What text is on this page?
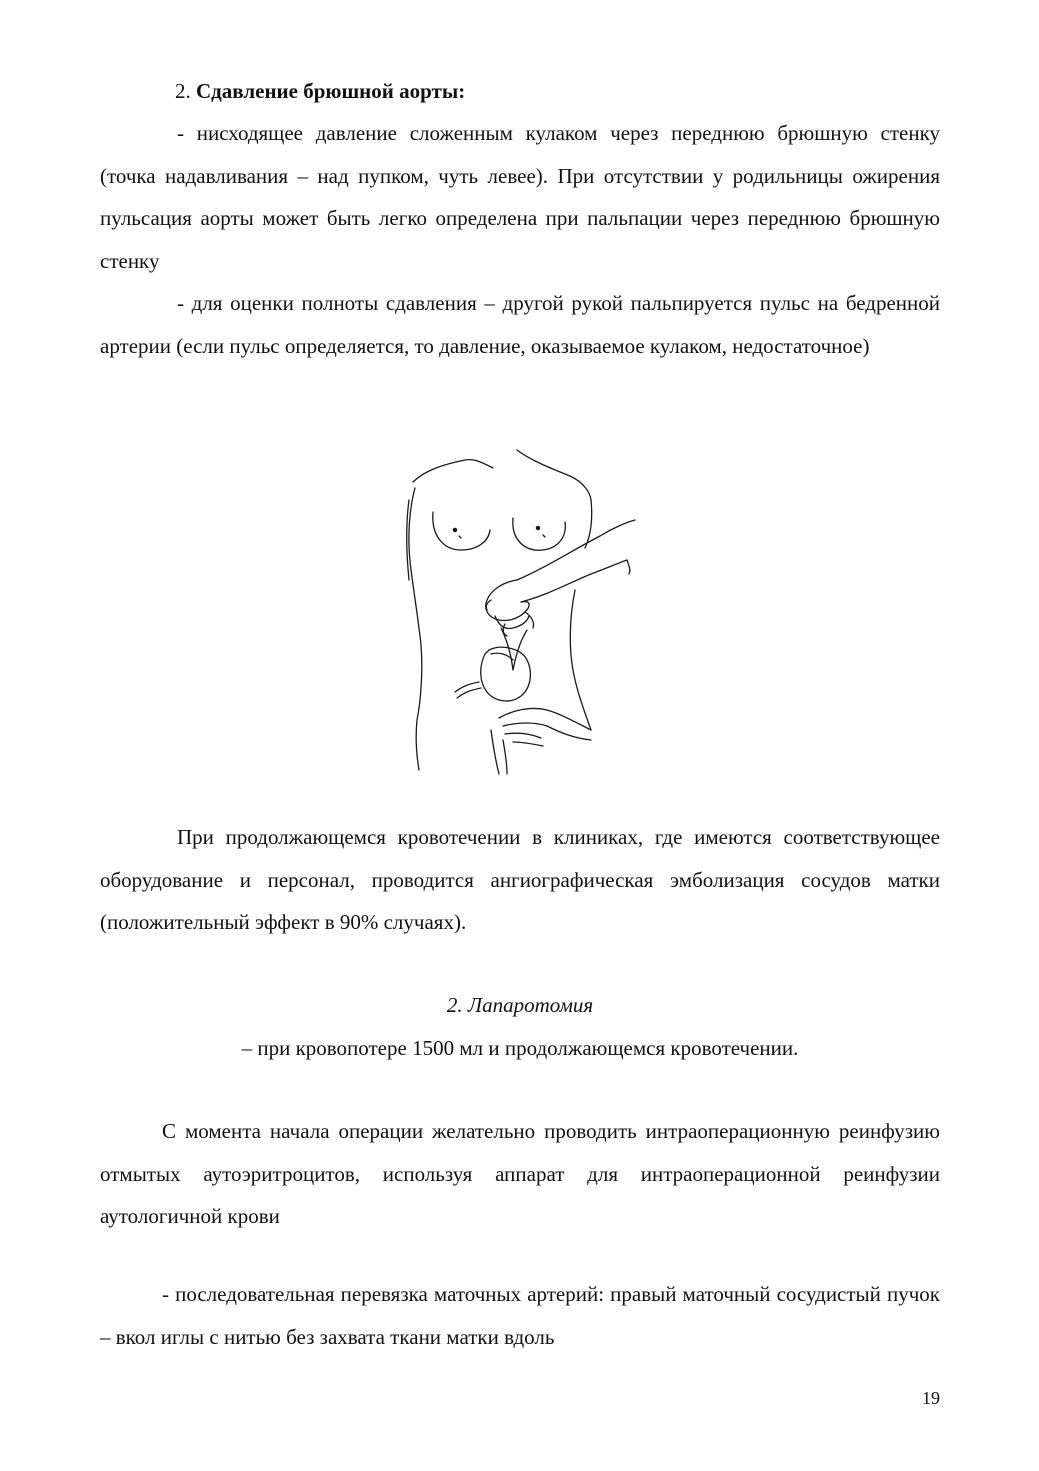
2. Сдавление брюшной аорты:

- нисходящее давление сложенным кулаком через переднюю брюшную стенку (точка надавливания – над пупком, чуть левее). При отсутствии у родильницы ожирения пульсация аорты может быть легко определена при пальпации через переднюю брюшную стенку

- для оценки полноты сдавления – другой рукой пальпируется пульс на бедренной артерии (если пульс определяется, то давление, оказываемое кулаком, недостаточное)

При продолжающемся кровотечении в клиниках, где имеются соответствующее оборудование и персонал, проводится ангиографическая эмболизация сосудов матки (положительный эффект в 90% случаях).

2. Лапаротомия

– при кровопотере 1500 мл и продолжающемся кровотечении.

С момента начала операции желательно проводить интраоперационную реинфузию отмытых аутоэритроцитов, используя аппарат для интраоперационной реинфузии аутологичной крови

- последовательная перевязка маточных артерий: правый маточный сосудистый пучок – вкол иглы с нитью без захвата ткани матки вдоль

19
